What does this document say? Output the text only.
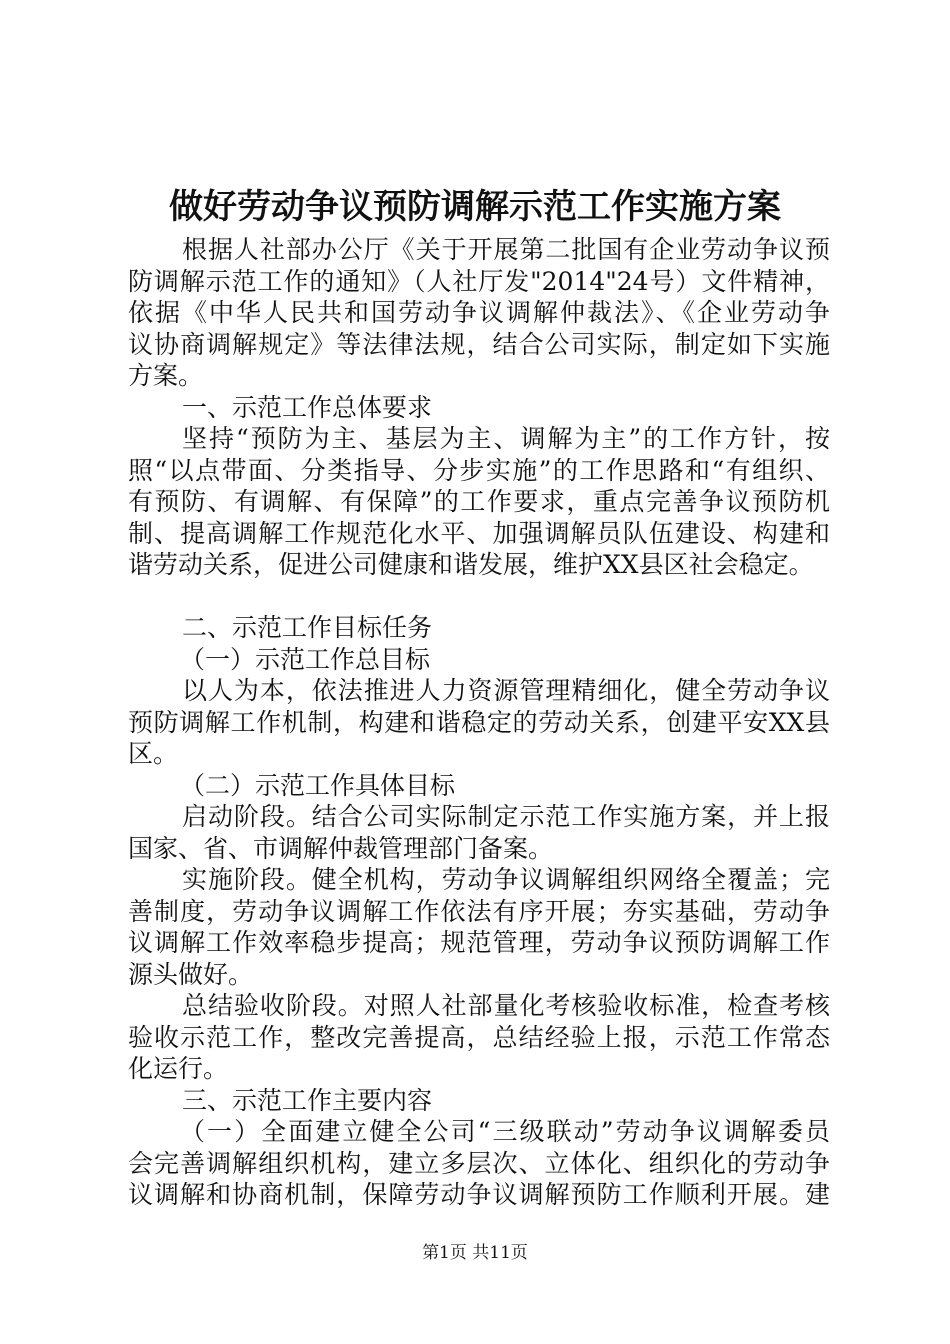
做好劳动争议预防调解示范工作实施方案
根据人社部办公厅《关于开展第二批国有企业劳动争议预
防调解示范工作的通知》（人社厅发"2014"24号）文件精神，
依据《中华人民共和国劳动争议调解仲裁法》、《企业劳动争
议协商调解规定》等法律法规，结合公司实际，制定如下实施
方案。
一、示范工作总体要求
坚持“预防为主、基层为主、调解为主”的工作方针，按
照“以点带面、分类指导、分步实施”的工作思路和“有组织、
有预防、有调解、有保障”的工作要求，重点完善争议预防机
制、提高调解工作规范化水平、加强调解员队伍建设、构建和
谐劳动关系，促进公司健康和谐发展，维护XX县区社会稳定。
二、示范工作目标任务
（一）示范工作总目标
以人为本，依法推进人力资源管理精细化，健全劳动争议
预防调解工作机制，构建和谐稳定的劳动关系，创建平安XX县
区。
（二）示范工作具体目标
启动阶段。结合公司实际制定示范工作实施方案，并上报
国家、省、市调解仲裁管理部门备案。
实施阶段。健全机构，劳动争议调解组织网络全覆盖；完
善制度，劳动争议调解工作依法有序开展；夯实基础，劳动争
议调解工作效率稳步提高；规范管理，劳动争议预防调解工作
源头做好。
总结验收阶段。对照人社部量化考核验收标准，检查考核
验收示范工作，整改完善提高，总结经验上报，示范工作常态
化运行。
三、示范工作主要内容
（一）全面建立健全公司“三级联动”劳动争议调解委员
会完善调解组织机构，建立多层次、立体化、组织化的劳动争
议调解和协商机制，保障劳动争议调解预防工作顺利开展。建
第1页 共11页
